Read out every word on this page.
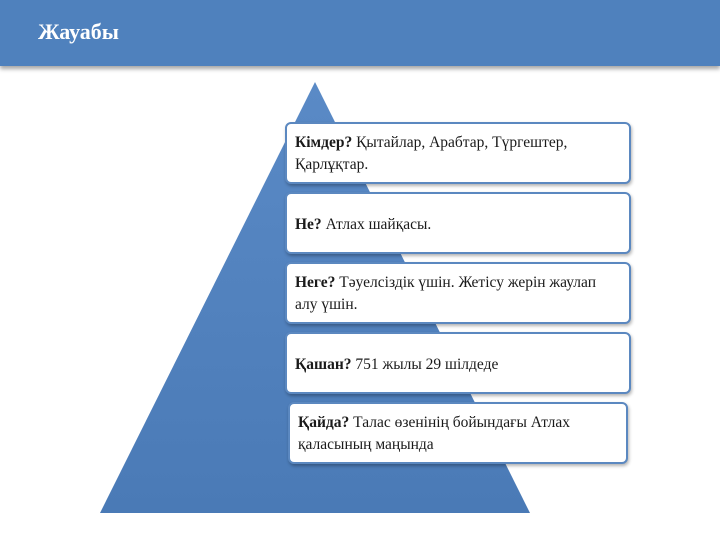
Жауабы
Кімдер? Қытайлар, Арабтар, Түргештер, Қарлұқтар.
Не? Атлах шайқасы.
Неге? Тәуелсіздік үшін. Жетісу жерін жаулап алу үшін.
Қашан? 751 жылы 29 шілдеде
Қайда? Талас өзенінің бойындағы Атлах қаласының маңында
